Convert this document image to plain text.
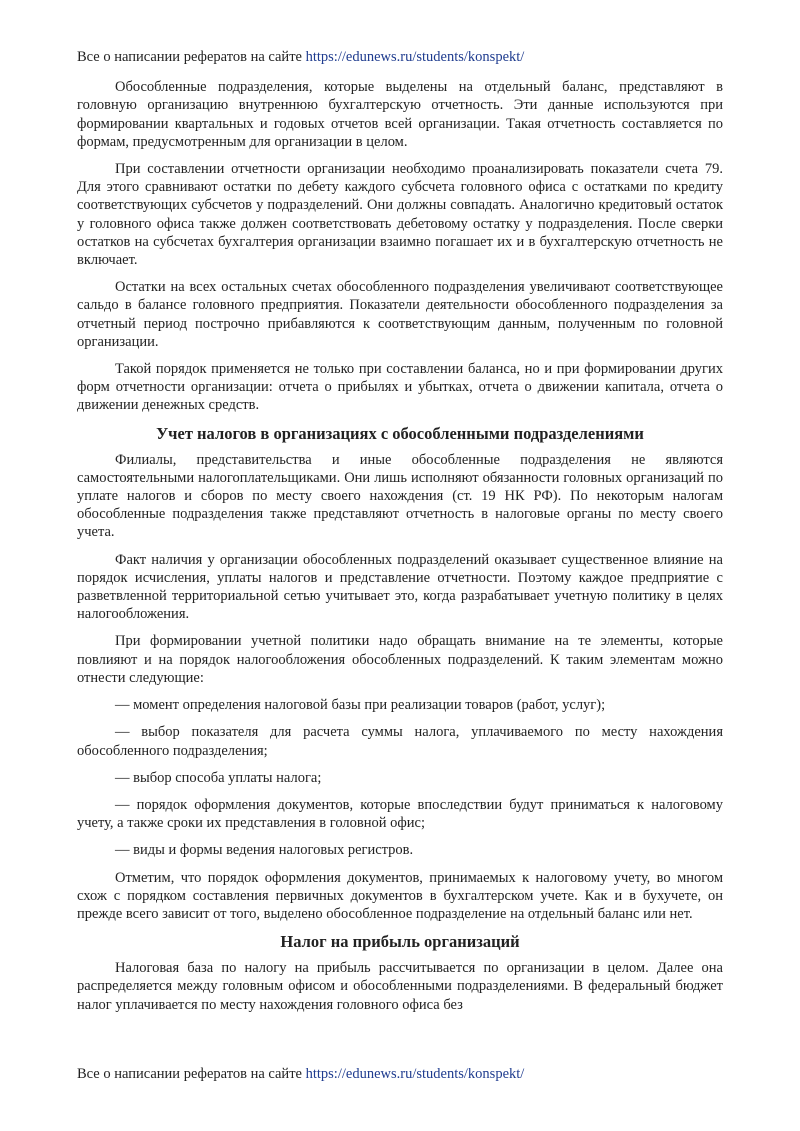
Все о написании рефератов на сайте https://edunews.ru/students/konspekt/

Обособленные подразделения, которые выделены на отдельный баланс, представляют в головную организацию внутреннюю бухгалтерскую отчетность. Эти данные используются при формировании квартальных и годовых отчетов всей организации. Такая отчетность составляется по формам, предусмотренным для организации в целом.

При составлении отчетности организации необходимо проанализировать показатели счета 79. Для этого сравнивают остатки по дебету каждого субсчета головного офиса с остатками по кредиту соответствующих субсчетов у подразделений. Они должны совпадать. Аналогично кредитовый остаток у головного офиса также должен соответствовать дебетовому остатку у подразделения. После сверки остатков на субсчетах бухгалтерия организации взаимно погашает их и в бухгалтерскую отчетность не включает.

Остатки на всех остальных счетах обособленного подразделения увеличивают соответствующее сальдо в балансе головного предприятия. Показатели деятельности обособленного подразделения за отчетный период построчно прибавляются к соответствующим данным, полученным по головной организации.

Такой порядок применяется не только при составлении баланса, но и при формировании других форм отчетности организации: отчета о прибылях и убытках, отчета о движении капитала, отчета о движении денежных средств.

Учет налогов в организациях с обособленными подразделениями

Филиалы, представительства и иные обособленные подразделения не являются самостоятельными налогоплательщиками. Они лишь исполняют обязанности головных организаций по уплате налогов и сборов по месту своего нахождения (ст. 19 НК РФ). По некоторым налогам обособленные подразделения также представляют отчетность в налоговые органы по месту своего учета.

Факт наличия у организации обособленных подразделений оказывает существенное влияние на порядок исчисления, уплаты налогов и представление отчетности. Поэтому каждое предприятие с разветвленной территориальной сетью учитывает это, когда разрабатывает учетную политику в целях налогообложения.

При формировании учетной политики надо обращать внимание на те элементы, которые повлияют и на порядок налогообложения обособленных подразделений. К таким элементам можно отнести следующие:

— момент определения налоговой базы при реализации товаров (работ, услуг);

— выбор показателя для расчета суммы налога, уплачиваемого по месту нахождения обособленного подразделения;

— выбор способа уплаты налога;

— порядок оформления документов, которые впоследствии будут приниматься к налоговому учету, а также сроки их представления в головной офис;

— виды и формы ведения налоговых регистров.

Отметим, что порядок оформления документов, принимаемых к налоговому учету, во многом схож с порядком составления первичных документов в бухгалтерском учете. Как и в бухучете, он прежде всего зависит от того, выделено обособленное подразделение на отдельный баланс или нет.

Налог на прибыль организаций

Налоговая база по налогу на прибыль рассчитывается по организации в целом. Далее она распределяется между головным офисом и обособленными подразделениями. В федеральный бюджет налог уплачивается по месту нахождения головного офиса без

Все о написании рефератов на сайте https://edunews.ru/students/konspekt/
